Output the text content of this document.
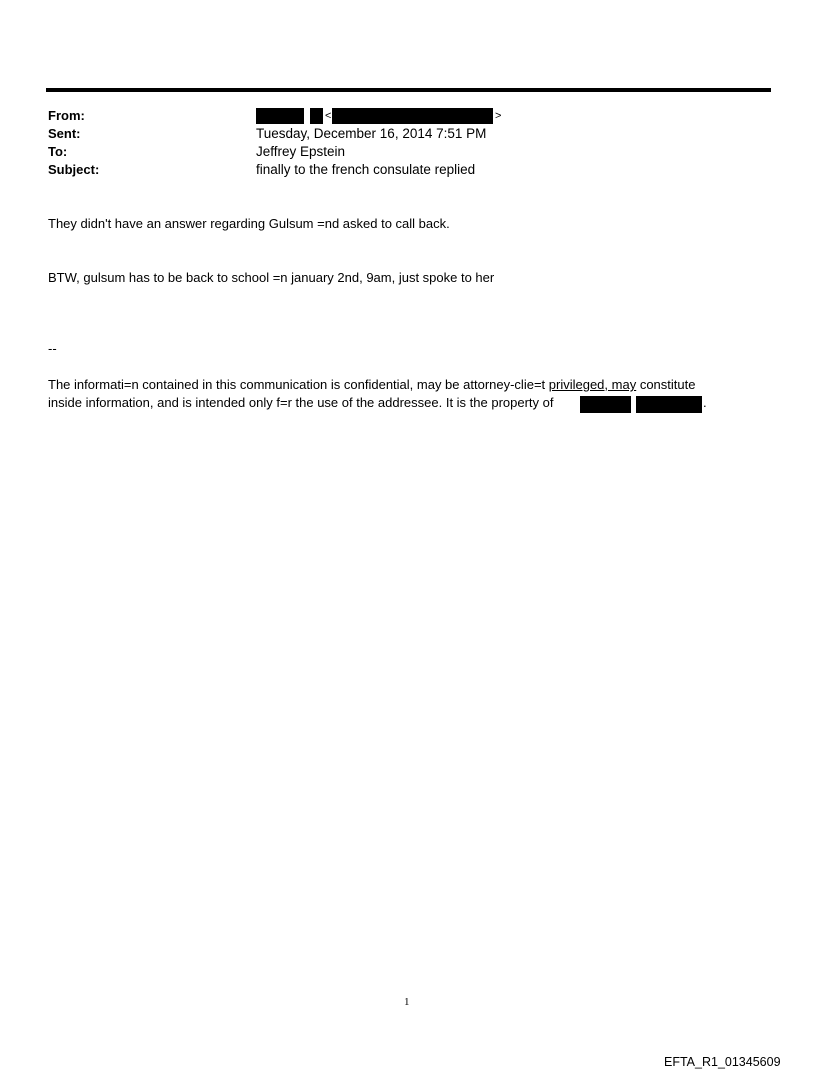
From:	<	>
Sent:	Tuesday, December 16, 2014 7:51 PM
To:	Jeffrey Epstein
Subject:	finally to the french consulate replied
They didn't have an answer regarding Gulsum =nd asked to call back.
BTW, gulsum has to be back to school =n january 2nd, 9am, just spoke to her
--
The informati=n contained in this communication is confidential, may be attorney-clie=t privileged, may constitute
inside information, and is intended only f=r the use of the addressee. It is the property of	.
1
EFTA_R1_01345609
